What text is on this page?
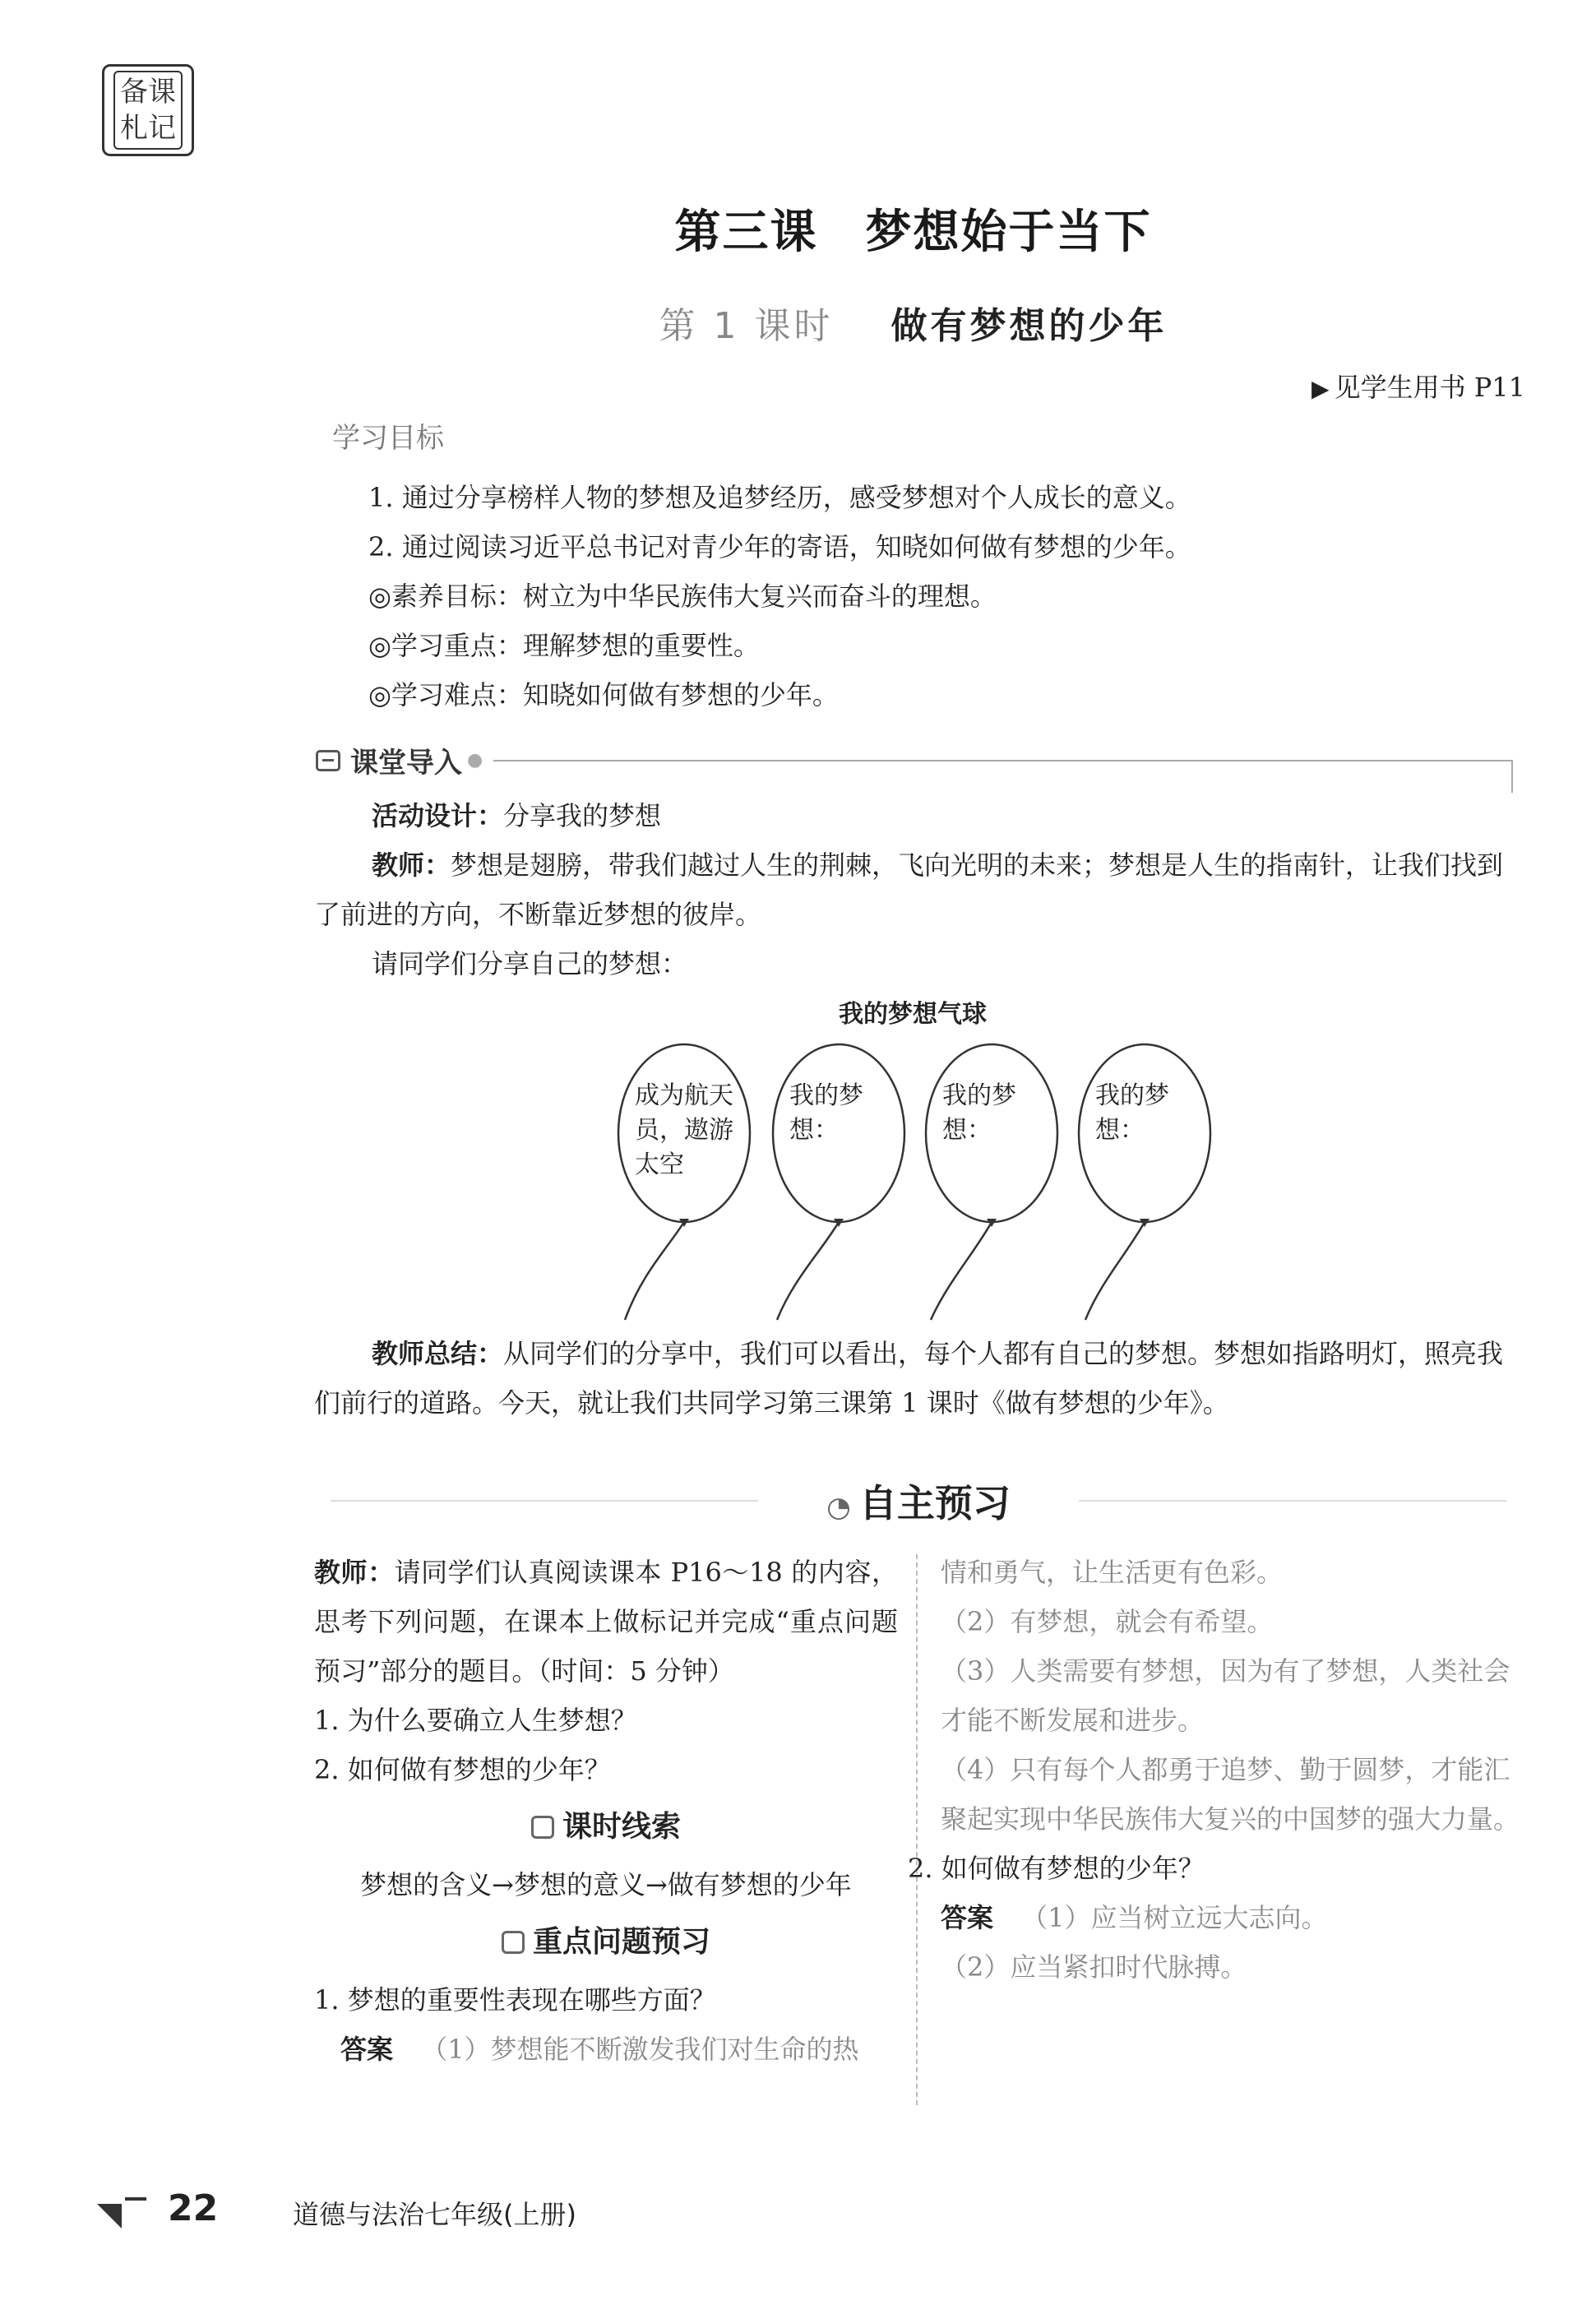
备课
札记
第三课　梦想始于当下
第 1 课时 做有梦想的少年
▶ 见学生用书 P11
学习目标
1. 通过分享榜样人物的梦想及追梦经历，感受梦想对个人成长的意义。
2. 通过阅读习近平总书记对青少年的寄语，知晓如何做有梦想的少年。
◎素养目标：树立为中华民族伟大复兴而奋斗的理想。
◎学习重点：理解梦想的重要性。
◎学习难点：知晓如何做有梦想的少年。
课堂导入 ●
活动设计：分享我的梦想
教师：梦想是翅膀，带我们越过人生的荆棘，飞向光明的未来；梦想是人生的指南针，让我们找到了前进的方向，不断靠近梦想的彼岸。
请同学们分享自己的梦想：
我的梦想气球
成为航天员，遨游太空
我的梦想：
我的梦想：
我的梦想：
教师总结：从同学们的分享中，我们可以看出，每个人都有自己的梦想。梦想如指路明灯，照亮我们前行的道路。今天，就让我们共同学习第三课第 1 课时《做有梦想的少年》。
◔ 自主预习
教师：请同学们认真阅读课本 P16～18 的内容，思考下列问题，在课本上做标记并完成“重点问题预习”部分的题目。（时间：5 分钟）
1. 为什么要确立人生梦想？
2. 如何做有梦想的少年？
课时线索
梦想的含义→梦想的意义→做有梦想的少年
重点问题预习
1. 梦想的重要性表现在哪些方面？
答案 （1）梦想能不断激发我们对生命的热
情和勇气，让生活更有色彩。
（2）有梦想，就会有希望。
（3）人类需要有梦想，因为有了梦想，人类社会才能不断发展和进步。
（4）只有每个人都勇于追梦、勤于圆梦，才能汇聚起实现中华民族伟大复兴的中国梦的强大力量。
2. 如何做有梦想的少年？
答案 （1）应当树立远大志向。
（2）应当紧扣时代脉搏。
22	道德与法治七年级(上册)
